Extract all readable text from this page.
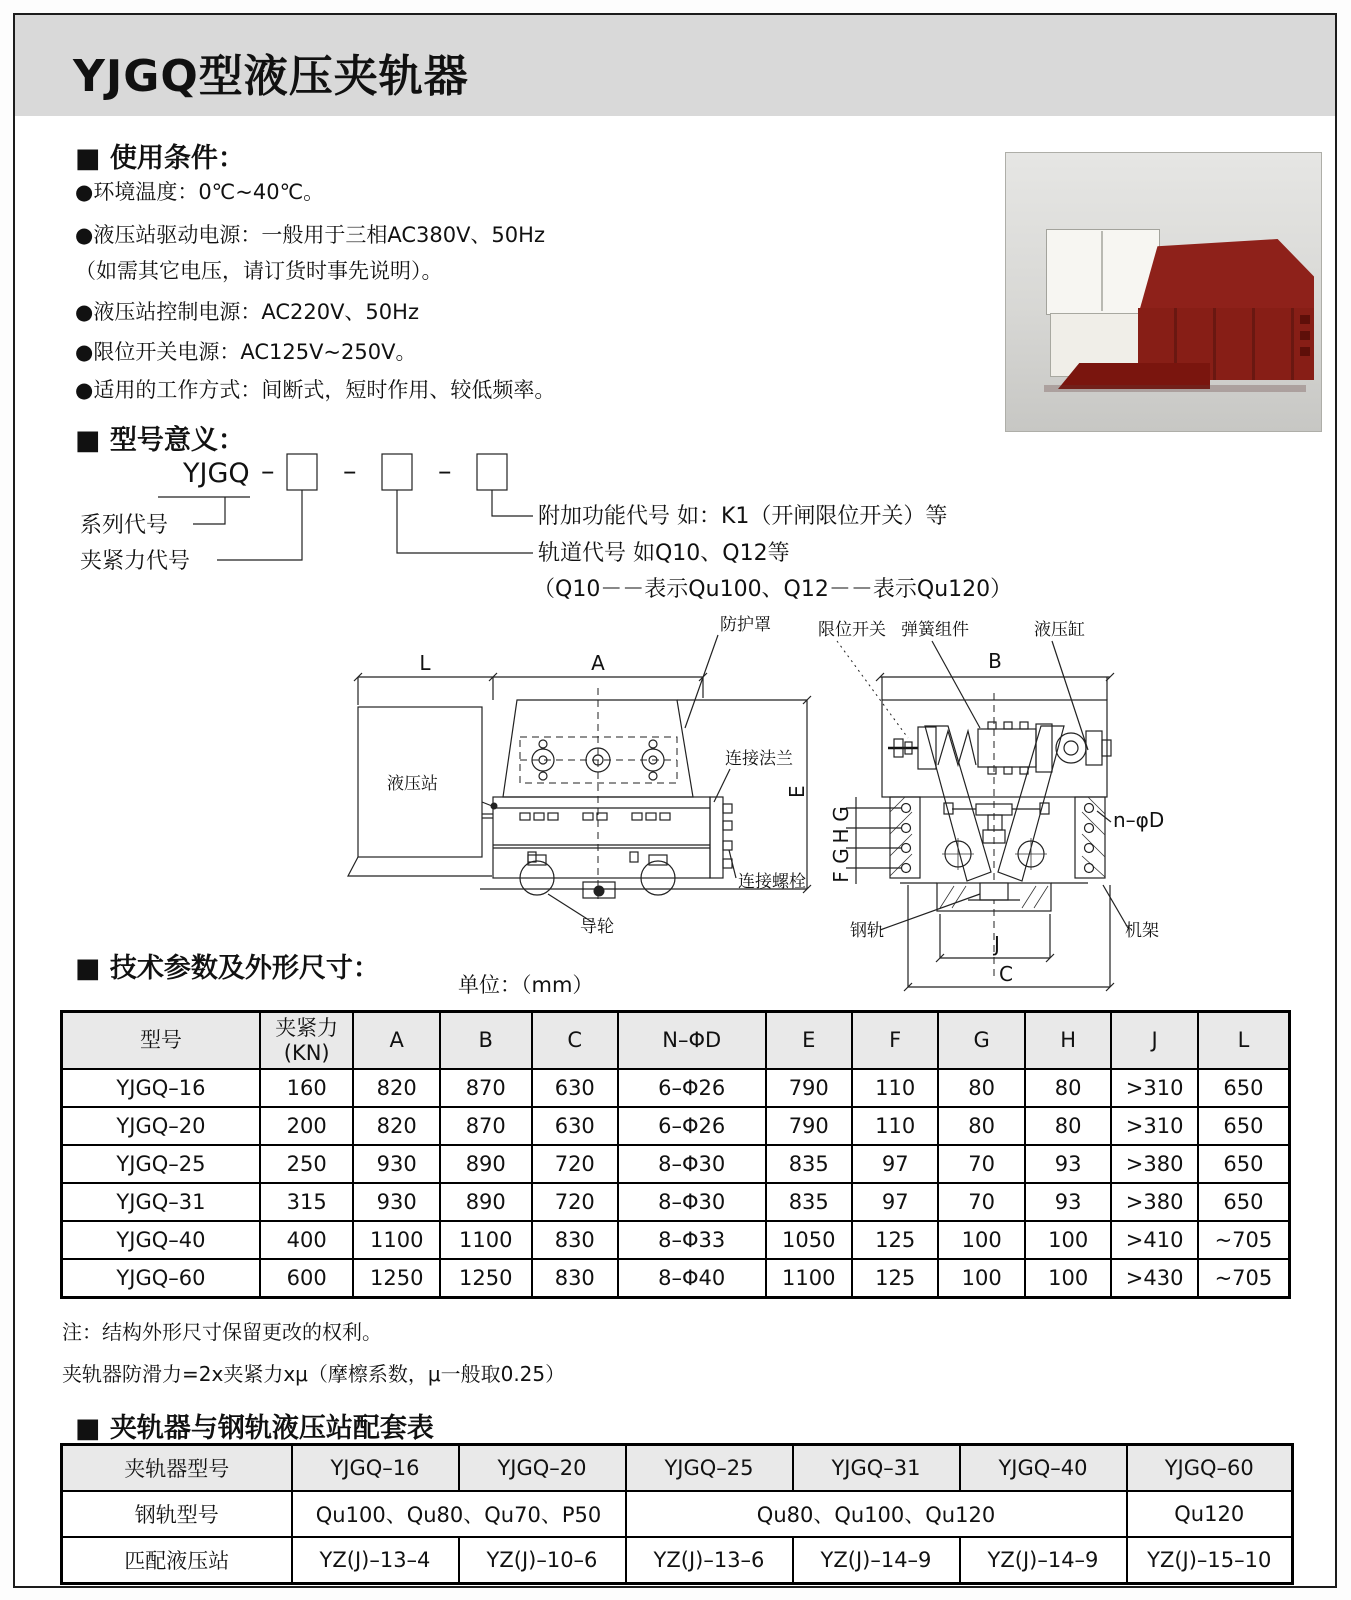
YJGQ型液压夹轨器
■ 使用条件：
●环境温度：0℃~40℃。
●液压站驱动电源：一般用于三相AC380V、50Hz
（如需其它电压，请订货时事先说明）。
●液压站控制电源：AC220V、50Hz
●限位开关电源：AC125V~250V。
●适用的工作方式：间断式，短时作用、较低频率。
■ 型号意义：
YJGQ –	–	–
系列代号
夹紧力代号
附加功能代号 如：K1（开闸限位开关）等
轨道代号 如Q10、Q12等
（Q10－－表示Qu100、Q12－－表示Qu120）
L	A
液压站
防护罩
连接法兰
连接螺栓
导轮
E
限位开关 弹簧组件	液压缸
B
G
H
G
F
n–φD
钢轨	机架
J
C
■ 技术参数及外形尺寸：
单位：（mm）
型号	夹紧力 (KN)	A	B	C	N–ΦD	E	F	G	H	J	L
YJGQ–16	160	820	870	630	6–Φ26	790	110	80	80	>310	650
YJGQ–20	200	820	870	630	6–Φ26	790	110	80	80	>310	650
YJGQ–25	250	930	890	720	8–Φ30	835	97	70	93	>380	650
YJGQ–31	315	930	890	720	8–Φ30	835	97	70	93	>380	650
YJGQ–40	400	1100	1100	830	8–Φ33	1050	125	100	100	>410	~705
YJGQ–60	600	1250	1250	830	8–Φ40	1100	125	100	100	>430	~705
注：结构外形尺寸保留更改的权利。
夹轨器防滑力=2x夹紧力xμ（摩檫系数，μ一般取0.25）
■ 夹轨器与钢轨液压站配套表
夹轨器型号	YJGQ–16	YJGQ–20	YJGQ–25	YJGQ–31	YJGQ–40	YJGQ–60
钢轨型号	Qu100、Qu80、Qu70、P50		Qu80、Qu100、Qu120			Qu120
匹配液压站	YZ(J)–13–4	YZ(J)–10–6	YZ(J)–13–6	YZ(J)–14–9	YZ(J)–14–9	YZ(J)–15–10
